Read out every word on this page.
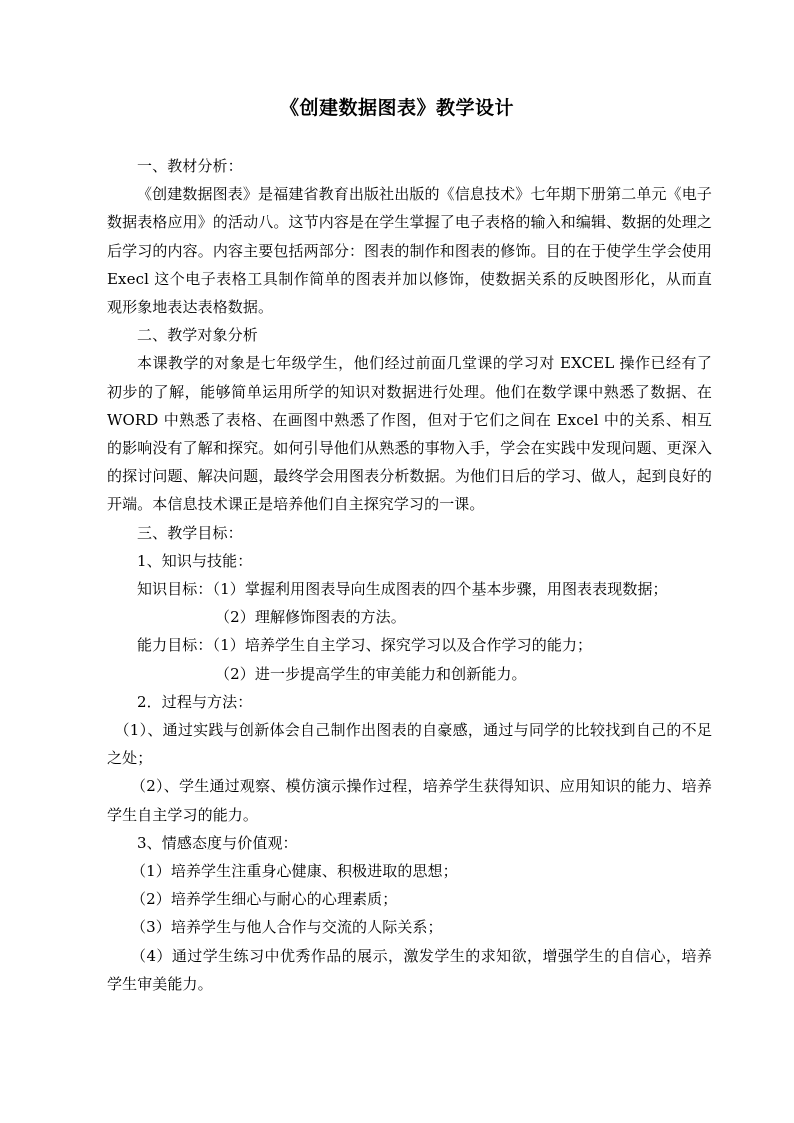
《创建数据图表》教学设计

一、教材分析：

《创建数据图表》是福建省教育出版社出版的《信息技术》七年期下册第二单元《电子数据表格应用》的活动八。这节内容是在学生掌握了电子表格的输入和编辑、数据的处理之后学习的内容。内容主要包括两部分：图表的制作和图表的修饰。目的在于使学生学会使用 Execl 这个电子表格工具制作简单的图表并加以修饰，使数据关系的反映图形化，从而直观形象地表达表格数据。

二、教学对象分析

本课教学的对象是七年级学生，他们经过前面几堂课的学习对 EXCEL 操作已经有了初步的了解，能够简单运用所学的知识对数据进行处理。他们在数学课中熟悉了数据、在 WORD 中熟悉了表格、在画图中熟悉了作图，但对于它们之间在 Excel 中的关系、相互的影响没有了解和探究。如何引导他们从熟悉的事物入手，学会在实践中发现问题、更深入的探讨问题、解决问题，最终学会用图表分析数据。为他们日后的学习、做人，起到良好的开端。本信息技术课正是培养他们自主探究学习的一课。

三、教学目标：

1、知识与技能：

知识目标：（1）掌握利用图表导向生成图表的四个基本步骤，用图表表现数据；

（2）理解修饰图表的方法。

能力目标：（1）培养学生自主学习、探究学习以及合作学习的能力；

（2）进一步提高学生的审美能力和创新能力。

2．过程与方法：

（1）、通过实践与创新体会自己制作出图表的自豪感，通过与同学的比较找到自己的不足之处；

（2）、学生通过观察、模仿演示操作过程，培养学生获得知识、应用知识的能力、培养学生自主学习的能力。

3、情感态度与价值观：

（1）培养学生注重身心健康、积极进取的思想；

（2）培养学生细心与耐心的心理素质；

（3）培养学生与他人合作与交流的人际关系；

（4）通过学生练习中优秀作品的展示，激发学生的求知欲，增强学生的自信心，培养学生审美能力。
